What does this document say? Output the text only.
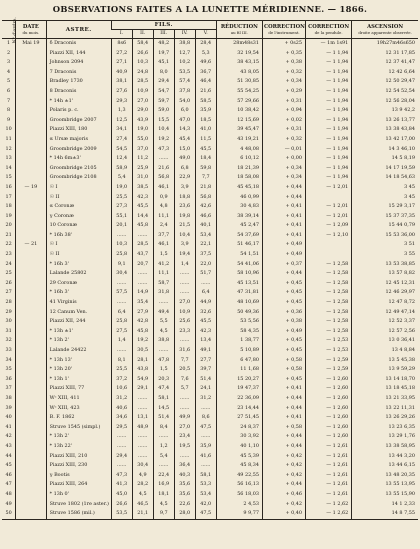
OBSERVATIONS FAITES A LA LUNETTE MÉRIDIENNE. — 1866.
N° d'ordre.	DATE
du mois.	ASTRE.	FILS.					RÉDUCTION
au fil III.	CORRECTION
de l'instrument.	CORRECTION
de la pendule.	ASCENSION
droite apparente observée.

			I.	II.	III.	IV.	V.				
1	Mai 19	δ Draconis	8s6	58,4	48,2	38,8	28,4	28m48s31	+ 0s25	— 1m 1s91	19h27m46s650
2		Piazzi XII, 144	27,2	26,6	19,7	12,7	5,3	32 19,54	+ 0,35	— 1 1,94	12 31 17,85
3		Johnson 2094	27,1	10,3	45,1	10,2	49,6	38 43,15	+ 0,38	— 1 1,94	12 37 41,47
4		7 Draconis	40,9	24,8	8,0	53,5	36,7	43 8,05	+ 0,32	— 1 1,94	12 42 6,64
5		Bradley 1730	38,1	28,5	29,4	57,4	46,4	51 30,85	+ 0,34	— 1 1,94	12 50 29,47
6		8 Draconis	27,6	10,9	54,7	37,8	21,6	55 54,25	+ 0,29	— 1 1,94	12 54 52,54
7		* 14h ±1'	29,3	27,0	59,7	54,0	58,5	57 29,66	+ 0,31	— 1 1,94	12 56 28,04
8		Polaris p. c.	1,3	29,0	59,0	6,0	35,9	10 38,42	+ 0,94	— 1 1,94	13 9 42,2
9		Groombridge 2007	12,5	43,9	15,5	47,0	18,5	12 15,69	+ 0,02	— 1 1,94	13 26 13,77
10		Piazzi XIII, 180	34,1	19,0	10,4	14,3	41,0	39 45,47	+ 0,31	— 1 1,94	13 38 43,84
11		α Ursæ majoris	27,4	55,0	19,2	45,4	11,5	43 19,21	+ 0,32	— 1 1,94	13 42 17,00
12		Groombridge 2009	54,5	37,0	47,3	15,0	45,5	4 48,08	— 0,01	— 1 1,94	14 3 46,10
13		* 14h 6m±3'	12,4	11,2	......	49,0	18,4	6 10,12	+ 0,00	— 1 1,94	14 5 8,19
14		Groombridge 2105	58,9	25,9	21,6	6,8	59,8	18 21,39	+ 0,34	— 1 1,94	14 17 19,59
15		Groombridge 2108	5,4	31,0	56,8	22,9	7,7	18 58,08	+ 0,34	— 1 1,94	14 18 54,63
16	— 19	☉ I	19,0	38,5	46,1	3,9	21,8	45 45,18	+ 0,44	— 1 2,01	3 45
17		☉ II	25,5	42,3	0,9	18,8	56,8	46 0,99	+ 0,44		3 45
18		α Coronæ	27,3	45,5	4,8	23,6	42,6	30 4,83	+ 0,41	— 1 2,01	15 29 3,17
19		γ Coronæ	55,1	14,4	11,1	19,8	46,6	38 39,14	+ 0,41	— 1 2,01	15 37 37,35
20		10 Coronæ	20,1	45,8	2,4	21,5	40,1	45 2,47	+ 0,41	— 1 2,09	15 44 0,79
21		* 16h 38'	......	......	37,7	10,4	53,4	54 37,69	+ 0,41	— 1 2,10	15 53 36,00
22	— 21	☉ I	10,3	28,5	46,1	3,9	22,1	51 46,17	+ 0,49		3 51
23		☉ II	25,8	43,7	1,5	19,4	37,5	54 1,51	+ 0,49		3 55
24		* 16h 3'	9,1	20,7	41,2	1,4	22,0	54 41,06	+ 0,37	— 1 2,58	13 53 38,85
25		Lalande 25802	30,4	......	11,1	......	51,7	58 10,96	+ 0,44	— 1 2,58	13 57 8,82
26		29 Coronæ	......	......	58,7	......	......	45 13,51	+ 0,45	— 1 2,58	12 45 12,31
27		* 16h 3'	57,5	14,9	31,8	......	6,4	47 31,81	+ 0,45	— 1 2,58	12 46 29,97
28		41 Virginis	......	35,4	......	27,0	44,9	48 10,69	+ 0,45	— 1 2,58	12 47 8,72
29		12 Canum Ven.	6,4	27,9	49,4	10,9	32,6	50 49,36	+ 0,36	— 1 2,58	12 49 47,14
30		Piazzi XII, 244	25,8	42,8	5,5	25,6	45,5	53 5,56	+ 0,38	— 1 2,58	12 52 3,37
31		* 13h ±1'	27,5	45,8	4,5	23,3	42,3	58 4,35	+ 0,49	— 1 2,58	12 57 2,56
32		* 13h 2'	1,4	19,2	38,8	......	13,4	1 38,77	+ 0,45	— 1 2,53	13 0 36,41
33		Lalande 24422	......	30,5	......	31,6	49,1	5 10,89	+ 0,45	— 1 2,53	13 4 8,84
34		* 13h 13'	8,1	28,1	47,8	7,7	27,7	6 47,80	+ 0,58	— 1 2,59	13 5 45,38
35		* 13h 20'	25,5	43,8	1,5	20,5	39,7	11 1,68	+ 0,58	— 1 2,59	13 9 59,29
36		* 13h 1'	37,2	54,9	20,3	7,6	51,4	15 20,27	+ 0,45	— 1 2,60	13 14 18,70
37		Piazzi XIII, 77	10,6	29,1	47,4	5,7	24,1	19 47,37	+ 0,41	— 1 2,60	13 18 45,18
38		Wᶜ XIII, 411	31,2	......	58,1	......	31,2	22 36,09	+ 0,44	— 1 2,60	13 21 33,95
39		Wᶜ XIII, 423	40,6	......	14,5	......	......	23 14,44	+ 0,44	— 1 2,60	13 22 11,31
40		B. F. 1862	34,6	13,1	51,4	49,9	8,6	27 51,45	+ 0,41	— 1 2,60	13 26 29,26
41		Struve 1545 (simpl.)	29,5	48,9	8,4	27,0	47,5	24 8,37	+ 0,58	— 1 2,60	13 23 6,35
42		* 13h 2'	......	......	......	23,4	......	30 3,92	+ 0,44	— 1 2,60	13 29 1,76
43		* 13h 22'	......	......	1,2	19,5	35,9	40 1,10	+ 0,44	— 1 2,61	13 38 58,95
44		Piazzi XIII, 210	29,4	......	5,4	......	41,6	45 5,39	+ 0,42	— 1 2,61	13 44 3,20
45		Piazzi XIII, 230	......	30,4	......	36,4	......	45 8,34	+ 0,42	— 1 2,61	13 44 6,15
46		γ Bootis	47,3	4,9	22,4	40,3	58,1	49 22,55	+ 0,42	— 1 2,61	13 48 20,35
47		Piazzi XIII, 264	41,3	28,2	16,9	35,6	53,3	56 16,13	+ 0,44	— 1 2,61	13 55 13,95
48		* 13h 0'	45,0	4,5	18,1	35,6	53,4	56 18,03	+ 0,46	— 1 2,61	13 55 15,90
49		Struve 1802 (1re aster.)	26,6	46,5	4,5	22,6	42,0	2 4,53	+ 0,42	— 1 2,62	14 1 2,33
50		Struve 1586 (mil.)	53,5	21,1	9,7	28,0	47,5	9 9,77	+ 0,40	— 1 2,62	14 8 7,55
